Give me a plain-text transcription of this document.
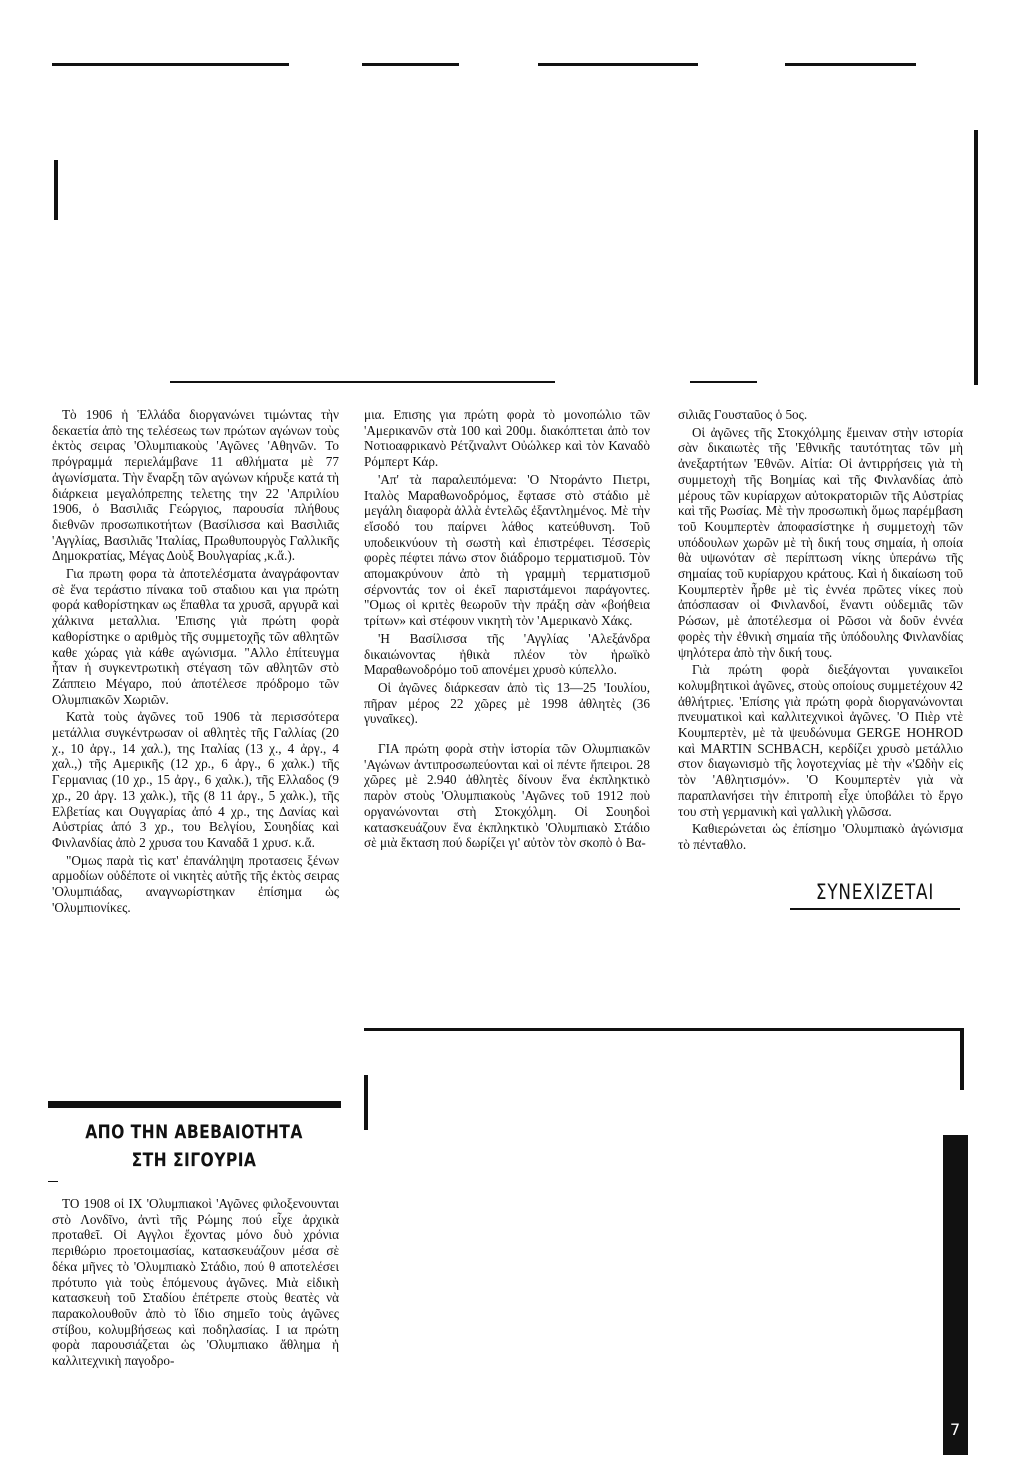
Τὸ 1906 ἡ Ἑλλάδα διοργανώνει τιμώντας τὴν δεκαετία ἀπὸ της τελέσεως των πρώτων αγώνων τοὺς ἐκτὸς σειρας 'Ολυμπιακοὺς 'Αγῶνες 'Αθηνῶν. Το πρόγραμμά περιελάμβανε 11 αθλήματα μὲ 77 ἀγωνίσματα. Τὴν ἔναρξη τῶν αγώνων κήρυξε κατά τὴ διάρκεια μεγαλόπρεπης τελετης την 22 'Απριλίου 1906, ὁ Βασιλιᾶς Γεώργιος, παρουσία πλήθους διεθνῶν προσωπικοτήτων (Βασίλισσα καὶ Βασιλιᾶς 'Αγγλίας, Βασιλιᾶς 'Ιταλίας, Πρωθυπουργὸς Γαλλικῆς Δημοκρατίας, Μέγας Δοὺξ Βουλγαρίας ,κ.ἄ.).

Για πρωτη φορα τὰ ἀποτελέσματα ἀναγράφονταν σὲ ἕνα τεράστιο πίνακα τοῦ σταδιου και για πρώτη φορά καθορίστηκαν ως ἔπαθλα τα χρυσᾶ, αργυρᾶ καὶ χάλκινα μεταλλια. 'Επισης γιὰ πρώτη φορὰ καθορίστηκε ο αριθμὸς τῆς συμμετοχῆς τῶν αθλητῶν καθε χώρας γιὰ κάθε αγώνισμα. "Αλλο ἐπίτευγμα ἦταν ἡ συγκεντρωτικὴ στέγαση τῶν αθλητῶν στὸ Ζάππειο Μέγαρο, πού ἀποτέλεσε πρόδρομο τῶν Ολυμπιακῶν Χωριῶν.

Κατὰ τοὺς ἀγῶνες τοῦ 1906 τὰ περισσότερα μετάλλια συγκέντρωσαν οἱ αθλητὲς τῆς Γαλλίας (20 χ., 10 ἀργ., 14 χαλ.), της Ιταλίας (13 χ., 4 ἀργ., 4 χαλ.,) τῆς Αμερικῆς (12 χρ., 6 ἀργ., 6 χαλκ.) τῆς Γερμανιας (10 χρ., 15 ἀργ., 6 χαλκ.), τῆς Ελλαδος (9 χρ., 20 ἀργ. 13 χαλκ.), τῆς (8 11 ἀργ., 5 χαλκ.), τῆς Ελβετίας και Ουγγαρίας ἀπό 4 χρ., της Δανίας καὶ Αὐστρίας ἀπό 3 χρ., του Βελγίου, Σουηδίας καὶ Φινλανδίας ἀπὸ 2 χρυσα του Καναδᾶ 1 χρυσ. κ.ἄ.

"Ομως παρὰ τὶς κατ' ἐπανάληψη προτασεις ξένων αρμοδίων οὐδέποτε οἱ νικητὲς αὐτῆς τῆς ἐκτὸς σειρας 'Ολυμπιάδας, αναγνωρίστηκαν ἐπίσημα ὡς 'Ολυμπιονίκες.

ΑΠΟ ΤΗΝ ΑΒΕΒΑΙΟΤΗΤΑ
ΣΤΗ ΣΙΓΟΥΡΙΑ

ΤΟ 1908 οἱ ΙΧ 'Ολυμπιακοὶ 'Αγῶνες φιλοξενουνται στὸ Λονδῖνο, ἀντὶ τῆς Ρώμης πού εἶχε ἀρχικὰ προταθεῖ. Οἱ Αγγλοι ἔχοντας μόνο δυὸ χρόνια περιθώριο προετοιμασίας, κατασκευάζουν μέσα σὲ δέκα μῆνες τὸ 'Ολυμπιακὸ Στάδιο, πού θ αποτελέσει πρότυπο γιὰ τοὺς ἑπόμενους ἀγῶνες. Μιὰ εἰδικὴ κατασκευὴ τοῦ Σταδίου ἐπέτρεπε στοὺς θεατὲς νὰ παρακολουθοῦν ἀπὸ τὸ ἴδιο σημεῖο τοὺς ἀγῶνες στίβου, κολυμβήσεως καὶ ποδηλασίας. Ι ια πρώτη φορὰ παρουσιάζεται ὡς 'Ολυμπιακο ἄθλημα ἡ καλλιτεχνικὴ παγοδρο-

μια. Επισης για πρώτη φορὰ τὸ μονοπώλιο τῶν 'Αμερικανῶν στὰ 100 καὶ 200μ. διακόπτεται ἀπὸ τον Νοτιοαφρικανὸ Ρέτζιναλντ Οὐώλκερ καὶ τὸν Καναδὸ Ρόμπερτ Κάρ.

'Απ' τὰ παραλειπόμενα: 'Ο Ντοράντο Πιετρι, Ιταλὸς Μαραθωνοδρόμος, ἔφτασε στὸ στάδιο μὲ μεγάλη διαφορὰ ἀλλὰ ἐντελῶς ἐξαντλημένος. Μὲ τὴν εἴσοδό του παίρνει λάθος κατεύθυνση. Τοῦ υποδεικνύουν τὴ σωστὴ καὶ ἐπιστρέφει. Τέσσερὶς φορὲς πέφτει πάνω στον διάδρομο τερματισμοῦ. Τὸν απομακρύνουν ἀπὸ τὴ γραμμὴ τερματισμοῦ σέρνοντάς τον οἱ ἐκεῖ παριστάμενοι παράγοντες. "Ομως οἱ κριτὲς θεωροῦν τὴν πράξη σὰν «βοήθεια τρίτων» καὶ στέφουν νικητὴ τὸν 'Αμερικανὸ Χάκς.

'Η Βασίλισσα τῆς 'Αγγλίας 'Αλεξάνδρα δικαιώνοντας ἠθικὰ πλέον τὸν ἡρωϊκὸ Μαραθωνοδρόμο τοῦ απονέμει χρυσὸ κύπελλο.

Οἱ ἀγῶνες διάρκεσαν ἀπὸ τὶς 13—25 'Ιουλίου, πῆραν μέρος 22 χῶρες μὲ 1998 ἀθλητὲς (36 γυναῖκες).

ΓΙΑ πρώτη φορὰ στὴν ἱστορία τῶν Ολυμπιακῶν 'Αγώνων ἀντιπροσωπεύονται καὶ οἱ πέντε ἤπειροι. 28 χῶρες μὲ 2.940 ἀθλητὲς δίνουν ἕνα ἐκπληκτικὸ παρὸν στοὺς 'Ολυμπιακοὺς 'Αγῶνες τοῦ 1912 ποὺ οργανώνονται στὴ Στοκχόλμη. Οἱ Σουηδοὶ κατασκευάζουν ἕνα ἐκπληκτικὸ 'Ολυμπιακὸ Στάδιο σὲ μιὰ ἔκταση πού δωρίζει γι' αὐτὸν τὸν σκοπὸ ὁ Βα-

σιλιᾶς Γουσταῦος ὁ 5ος.

Οἱ ἀγῶνες τῆς Στοκχόλμης ἔμειναν στὴν ιστορία σὰν δικαιωτὲς τῆς 'Εθνικῆς ταυτότητας τῶν μὴ ἀνεξαρτήτων 'Εθνῶν. Αἰτία: Οἱ ἀντιρρήσεις γιὰ τὴ συμμετοχὴ τῆς Βοημίας καὶ τῆς Φινλανδίας ἀπὸ μέρους τῶν κυρίαρχων αὐτοκρατοριῶν τῆς Αὐστρίας καὶ τῆς Ρωσίας. Μὲ τὴν προσωπικὴ ὅμως παρέμβαση τοῦ Κουμπερτὲν ἀποφασίστηκε ἡ συμμετοχὴ τῶν υπόδουλων χωρῶν μὲ τὴ δική τους σημαία, ἡ οποία θὰ υψωνόταν σὲ περίπτωση νίκης ὑπεράνω τῆς σημαίας τοῦ κυρίαρχου κράτους. Καὶ ἡ δικαίωση τοῦ Κουμπερτὲν ἦρθε μὲ τὶς ἑννέα πρῶτες νίκες ποὺ ἀπόσπασαν οἱ Φινλανδοί, ἔναντι οὐδεμιᾶς τῶν Ρώσων, μὲ ἀποτέλεσμα οἱ Ρῶσοι νὰ δοῦν ἐννέα φορὲς τὴν ἐθνικὴ σημαία τῆς ὑπόδουλης Φινλανδίας ψηλότερα ἀπὸ τὴν δική τους.

Γιὰ πρώτη φορὰ διεξάγονται γυναικεῖοι κολυμβητικοὶ ἀγῶνες, στοὺς οποίους συμμετέχουν 42 ἀθλήτριες. 'Επίσης γιὰ πρώτη φορὰ διοργανώνονται πνευματικοὶ καὶ καλλιτεχνικοὶ ἀγῶνες. 'Ο Πιὲρ ντὲ Κουμπερτὲν, μὲ τὰ ψευδώνυμα GERGE HOHROD καὶ MARTIN SCHBACH, κερδίζει χρυσὸ μετάλλιο στον διαγωνισμὸ τῆς λογοτεχνίας μὲ τὴν «'Ωδὴν εἰς τὸν 'Αθλητισμόν». 'Ο Κουμπερτὲν γιὰ νὰ παραπλανήσει τὴν ἐπιτροπὴ εἶχε ὑποβάλει τὸ ἔργο του στὴ γερμανικὴ καὶ γαλλικὴ γλῶσσα.

Καθιερώνεται ὡς ἐπίσημο 'Ολυμπιακὸ ἀγώνισμα τὸ πένταθλο.

ΣΥΝΕΧΙΖΕΤΑΙ
7
